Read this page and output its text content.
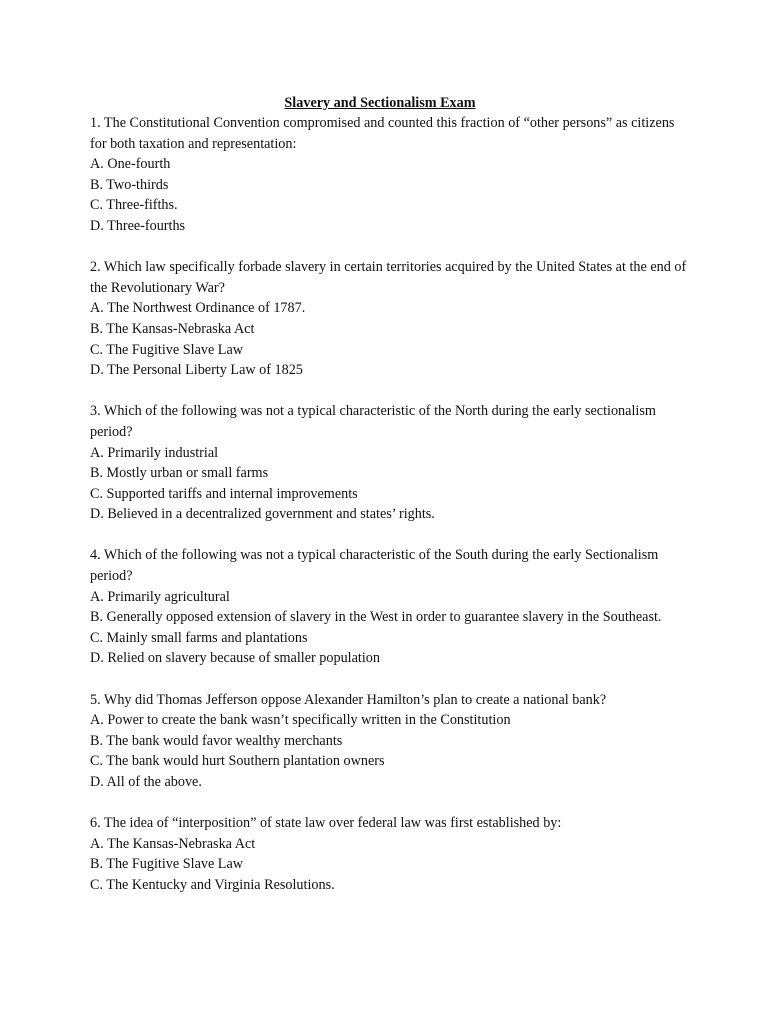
Slavery and Sectionalism Exam
1. The Constitutional Convention compromised and counted this fraction of “other persons” as citizens for both taxation and representation:
A. One-fourth
B. Two-thirds
C. Three-fifths.
D. Three-fourths
2. Which law specifically forbade slavery in certain territories acquired by the United States at the end of the Revolutionary War?
A. The Northwest Ordinance of 1787.
B. The Kansas-Nebraska Act
C. The Fugitive Slave Law
D. The Personal Liberty Law of 1825
3. Which of the following was not a typical characteristic of the North during the early sectionalism period?
A. Primarily industrial
B. Mostly urban or small farms
C. Supported tariffs and internal improvements
D. Believed in a decentralized government and states’ rights.
4. Which of the following was not a typical characteristic of the South during the early Sectionalism period?
A. Primarily agricultural
B. Generally opposed extension of slavery in the West in order to guarantee slavery in the Southeast.
C. Mainly small farms and plantations
D. Relied on slavery because of smaller population
5. Why did Thomas Jefferson oppose Alexander Hamilton’s plan to create a national bank?
A. Power to create the bank wasn’t specifically written in the Constitution
B. The bank would favor wealthy merchants
C. The bank would hurt Southern plantation owners
D. All of the above.
6. The idea of “interposition” of state law over federal law was first established by:
A. The Kansas-Nebraska Act
B. The Fugitive Slave Law
C. The Kentucky and Virginia Resolutions.
